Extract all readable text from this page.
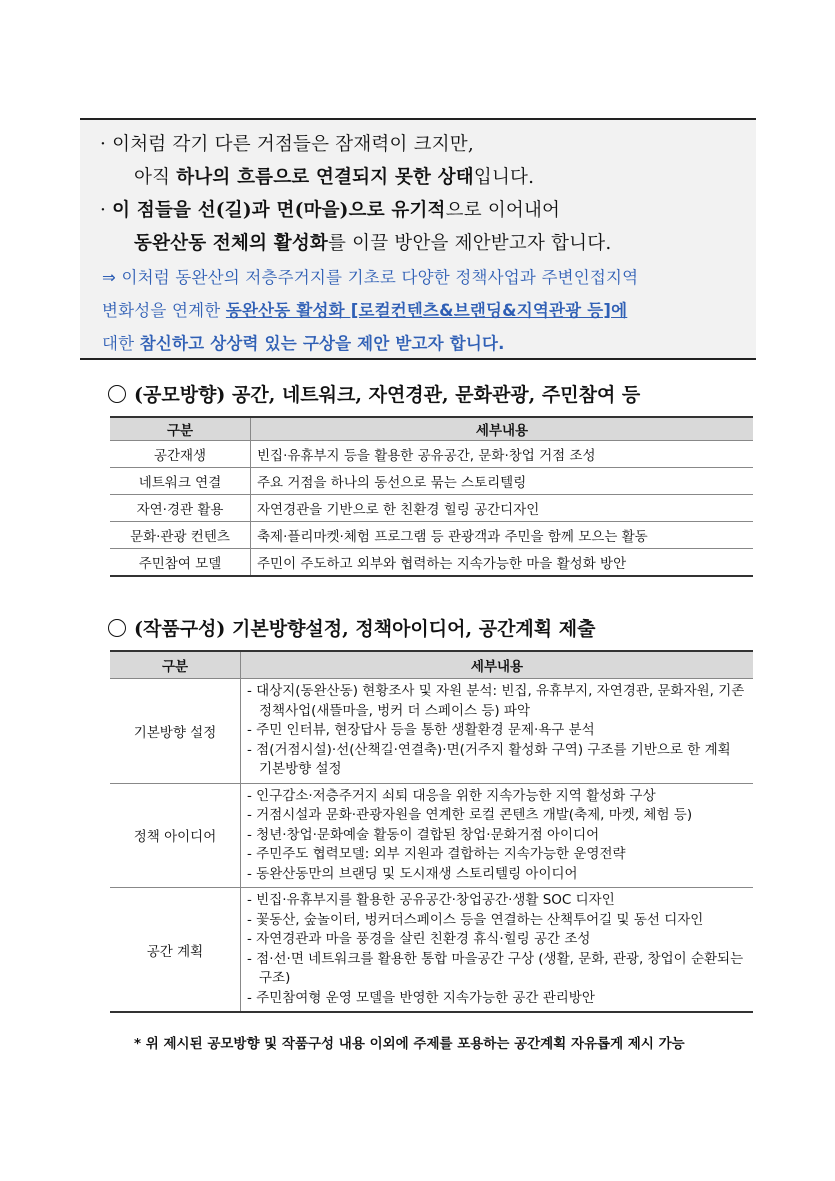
· 이처럼 각기 다른 거점들은 잠재력이 크지만,
아직 하나의 흐름으로 연결되지 못한 상태입니다.
· 이 점들을 선(길)과 면(마을)으로 유기적으로 이어내어
동완산동 전체의 활성화를 이끌 방안을 제안받고자 합니다.
⇒ 이처럼 동완산의 저층주거지를 기초로 다양한 정책사업과 주변인접지역
변화성을 연계한 동완산동 활성화 [로컬컨텐츠&브랜딩&지역관광 등]에
대한 참신하고 상상력 있는 구상을 제안 받고자 합니다.
(공모방향) 공간, 네트워크, 자연경관, 문화관광, 주민참여 등
구분	세부내용
공간재생	빈집·유휴부지 등을 활용한 공유공간, 문화·창업 거점 조성
네트워크 연결	주요 거점을 하나의 동선으로 묶는 스토리텔링
자연·경관 활용	자연경관을 기반으로 한 친환경 힐링 공간디자인
문화·관광 컨텐츠	축제·플리마켓·체험 프로그램 등 관광객과 주민을 함께 모으는 활동
주민참여 모델	주민이 주도하고 외부와 협력하는 지속가능한 마을 활성화 방안
(작품구성) 기본방향설정, 정책아이디어, 공간계획 제출
구분	세부내용
기본방향 설정	- 대상지(동완산동) 현황조사 및 자원 분석: 빈집, 유휴부지, 자연경관, 문화자원, 기존 정책사업(새뜰마을, 벙커 더 스페이스 등) 파악
- 주민 인터뷰, 현장답사 등을 통한 생활환경 문제·욕구 분석
- 점(거점시설)·선(산책길·연결축)·면(거주지 활성화 구역) 구조를 기반으로 한 계획 기본방향 설정

정책 아이디어	- 인구감소·저층주거지 쇠퇴 대응을 위한 지속가능한 지역 활성화 구상
- 거점시설과 문화·관광자원을 연계한 로컬 콘텐츠 개발(축제, 마켓, 체험 등)
- 청년·창업·문화예술 활동이 결합된 창업·문화거점 아이디어
- 주민주도 협력모델: 외부 지원과 결합하는 지속가능한 운영전략
- 동완산동만의 브랜딩 및 도시재생 스토리텔링 아이디어

공간 계획	- 빈집·유휴부지를 활용한 공유공간·창업공간·생활 SOC 디자인
- 꽃동산, 숲놀이터, 벙커더스페이스 등을 연결하는 산책투어길 및 동선 디자인
- 자연경관과 마을 풍경을 살린 친환경 휴식·힐링 공간 조성
- 점·선·면 네트워크를 활용한 통합 마을공간 구상 (생활, 문화, 관광, 창업이 순환되는 구조)
- 주민참여형 운영 모델을 반영한 지속가능한 공간 관리방안
* 위 제시된 공모방향 및 작품구성 내용 이외에 주제를 포용하는 공간계획 자유롭게 제시 가능
